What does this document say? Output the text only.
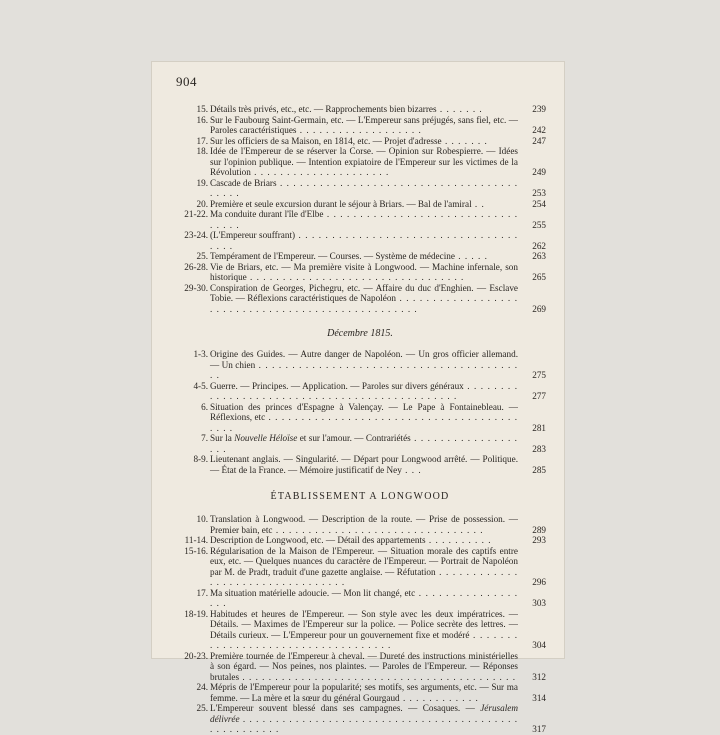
904
15. Détails très privés, etc., etc. — Rapprochements bien bizarres . . . . . . .	239
16. Sur le Faubourg Saint-Germain, etc. — L'Empereur sans préjugés, sans fiel, etc. — Paroles caractéristiques . . . . . . . . . . . . . . . . . . .	242
17. Sur les officiers de sa Maison, en 1814, etc. — Projet d'adresse . . . . . . .	247
18. Idée de l'Empereur de se réserver la Corse. — Opinion sur Robespierre. — Idées sur l'opinion publique. — Intention expiatoire de l'Empereur sur les victimes de la Révolution . . . . . . . . . . . . . . . . . . . . .	249
19. Cascade de Briars . . . . . . . . . . . . . . . . . . . . . . . . . . . . . . . . . . . . . . . . .	253
20. Première et seule excursion durant le séjour à Briars. — Bal de l'amiral . .	254
21-22. Ma conduite durant l'île d'Elbe . . . . . . . . . . . . . . . . . . . . . . . . . . . . . . . . . .	255
23-24. (L'Empereur souffrant) . . . . . . . . . . . . . . . . . . . . . . . . . . . . . . . . . . . . .	262
25. Tempérament de l'Empereur. — Courses. — Système de médecine . . . . .	263
26-28. Vie de Briars, etc. — Ma première visite à Longwood. — Machine infernale, son historique . . . . . . . . . . . . . . . . . . . . . . . . . . . . . . . . .	265
29-30. Conspiration de Georges, Pichegru, etc. — Affaire du duc d'Enghien. — Esclave Tobie. — Réflexions caractéristiques de Napoléon . . . . . . . . . . . . . . . . . . . . . . . . . . . . . . . . . . . . . . . . . . . . . . . . . .	269
Décembre 1815.
1-3. Origine des Guides. — Autre danger de Napoléon. — Un gros officier allemand. — Un chien . . . . . . . . . . . . . . . . . . . . . . . . . . . . . . . . . . . . . . . . .	275
4-5. Guerre. — Principes. — Application. — Paroles sur divers généraux . . . . . . . . . . . . . . . . . . . . . . . . . . . . . . . . . . . . . . . . . . . . . .	277
6. Situation des princes d'Espagne à Valençay. — Le Pape à Fontainebleau. — Réflexions, etc . . . . . . . . . . . . . . . . . . . . . . . . . . . . . . . . . . . . . . . . . .	281
7. Sur la Nouvelle Héloïse et sur l'amour. — Contrariétés . . . . . . . . . . . . . . . . . . .	283
8-9. Lieutenant anglais. — Singularité. — Départ pour Longwood arrêté. — Politique. — État de la France. — Mémoire justificatif de Ney . . .	285
ÉTABLISSEMENT A LONGWOOD
10. Translation à Longwood. — Description de la route. — Prise de possession. — Premier bain, etc . . . . . . . . . . . . . . . . . . . . . . . . . . . . . . . .	289
11-14. Description de Longwood, etc. — Détail des appartements . . . . . . . . . .	293
15-16. Régularisation de la Maison de l'Empereur. — Situation morale des captifs entre eux, etc. — Quelques nuances du caractère de l'Empereur. — Portrait de Napoléon par M. de Pradt, traduit d'une gazette anglaise. — Réfutation . . . . . . . . . . . . . . . . . . . . . . . . . . . . . . . . .	296
17. Ma situation matérielle adoucie. — Mon lit changé, etc . . . . . . . . . . . . . . . . . .	303
18-19. Habitudes et heures de l'Empereur. — Son style avec les deux impératrices. — Détails. — Maximes de l'Empereur sur la police. — Police secrète des lettres. — Détails curieux. — L'Empereur pour un gouvernement fixe et modéré . . . . . . . . . . . . . . . . . . . . . . . . . . . . . . . . . . .	304
20-23. Première tournée de l'Empereur à cheval. — Dureté des instructions ministérielles à son égard. — Nos peines, nos plaintes. — Paroles de l'Empereur. — Réponses brutales . . . . . . . . . . . . . . . . . . . . . . . . . . . . . . . . . . . . . . . . . .	312
24. Mépris de l'Empereur pour la popularité; ses motifs, ses arguments, etc. — Sur ma femme. — La mère et la sœur du général Gourgaud . . . . . . . . . . . .	314
25. L'Empereur souvent blessé dans ses campagnes. — Cosaques. — Jérusalem délivrée . . . . . . . . . . . . . . . . . . . . . . . . . . . . . . . . . . . . . . . . . . . . . . . . . . . . .	317
